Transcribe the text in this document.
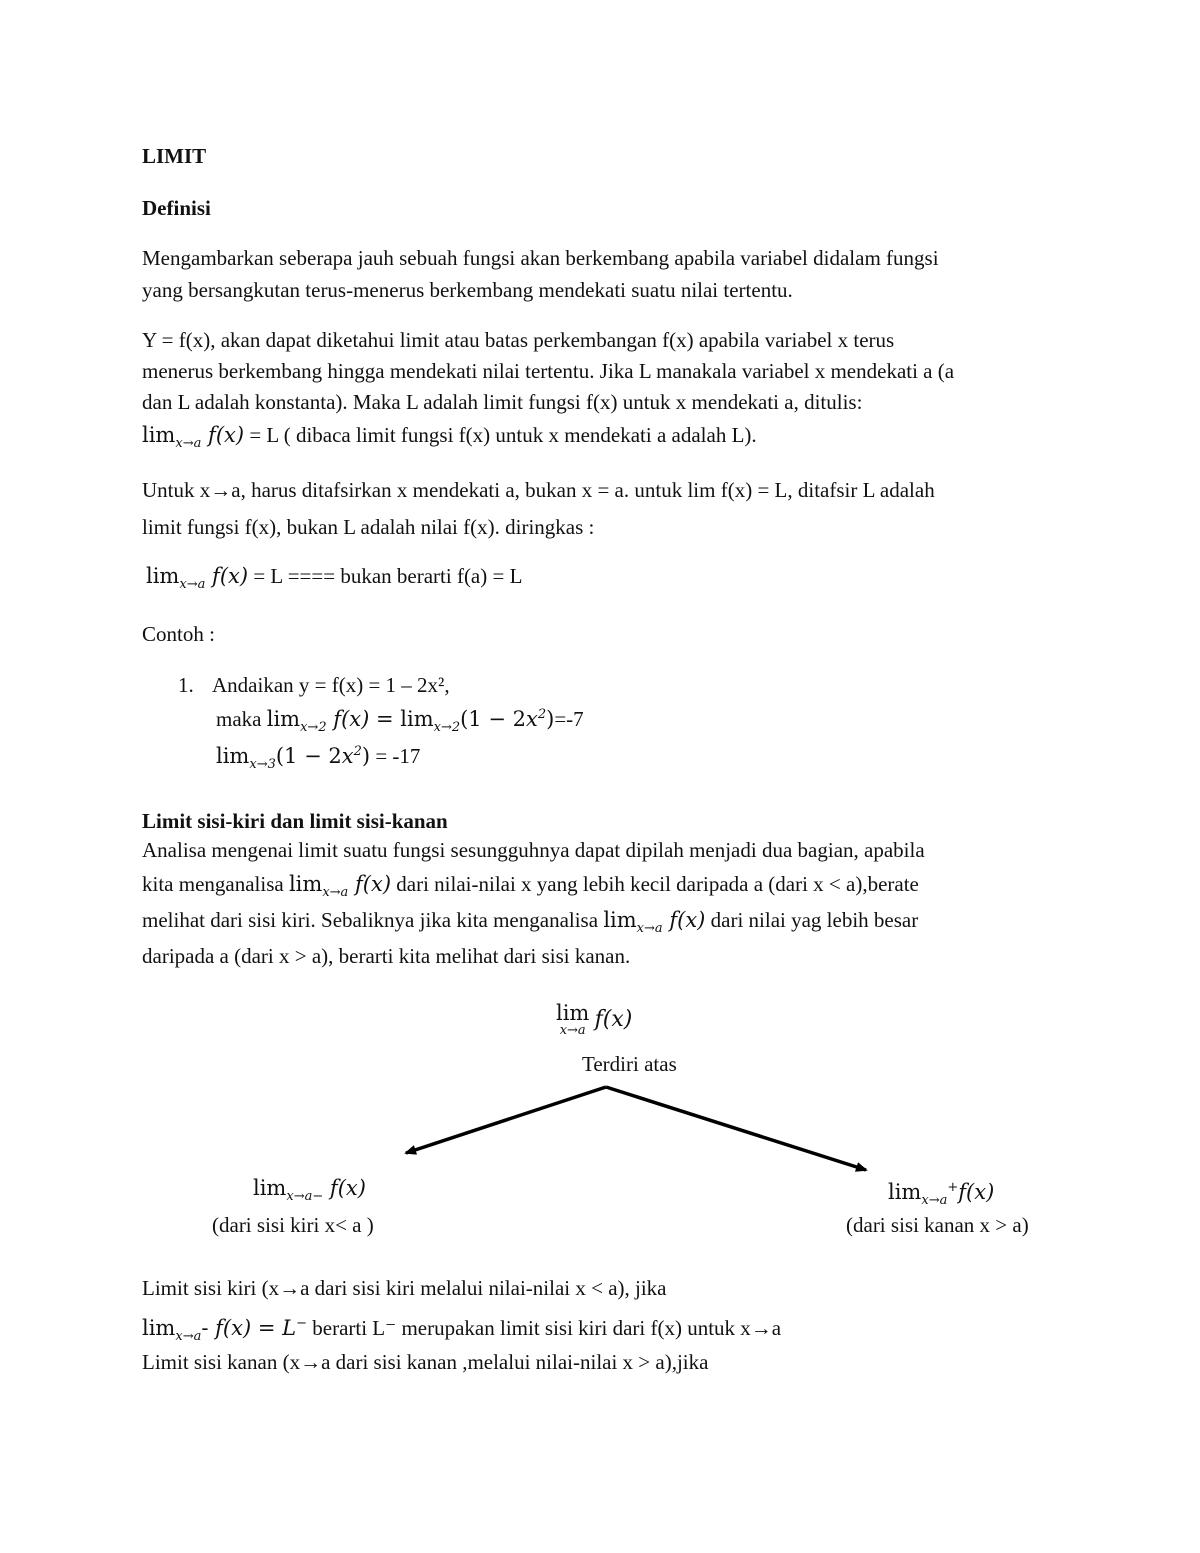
LIMIT
Definisi
Mengambarkan seberapa jauh sebuah fungsi akan berkembang apabila variabel didalam fungsi
yang bersangkutan terus-menerus berkembang mendekati suatu nilai tertentu.
Y = f(x), akan dapat diketahui limit atau batas perkembangan f(x) apabila variabel x terus
menerus berkembang hingga mendekati nilai tertentu. Jika L manakala variabel x mendekati a (a
dan L adalah konstanta). Maka L adalah limit fungsi f(x) untuk x mendekati a, ditulis:
$\lim_{x\to a} f(x) = L$ ( dibaca limit fungsi f(x) untuk x mendekati a adalah L).
Untuk x→a, harus ditafsirkan x mendekati a, bukan x = a. untuk lim f(x) = L, ditafsir L adalah
limit fungsi f(x), bukan L adalah nilai f(x). diringkas :
$\lim_{x\to a} f(x) = L$ ==== bukan berarti f(a) = L
Contoh :
1. Andaikan y = f(x) = 1 – 2x²,
maka $\lim_{x\to 2} f(x) = \lim_{x\to 2}(1 - 2x^2)=-7$
$\lim_{x\to 3}(1 - 2x^2) = -17$
Limit sisi-kiri dan limit sisi-kanan
Analisa mengenai limit suatu fungsi sesungguhnya dapat dipilah menjadi dua bagian, apabila
kita menganalisa $\lim_{x\to a} f(x)$ dari nilai-nilai x yang lebih kecil daripada a (dari x < a),berate
melihat dari sisi kiri. Sebaliknya jika kita menganalisa $\lim_{x\to a} f(x)$ dari nilai yag lebih besar
daripada a (dari x > a), berarti kita melihat dari sisi kanan.
Limit sisi kiri (x→a dari sisi kiri melalui nilai-nilai x < a), jika
$\lim_{x\to a}-$ f(x) = L− berarti L⁻ merupakan limit sisi kiri dari f(x) untuk x→a
Limit sisi kanan (x→a dari sisi kanan ,melalui nilai-nilai x > a),jika
lim
x→a f(x)
Terdiri atas
$\lim_{x\to a-} f(x)$
(dari sisi kiri x< a )
$\lim_{x\to a}^+f(x)$
(dari sisi kanan x > a)
